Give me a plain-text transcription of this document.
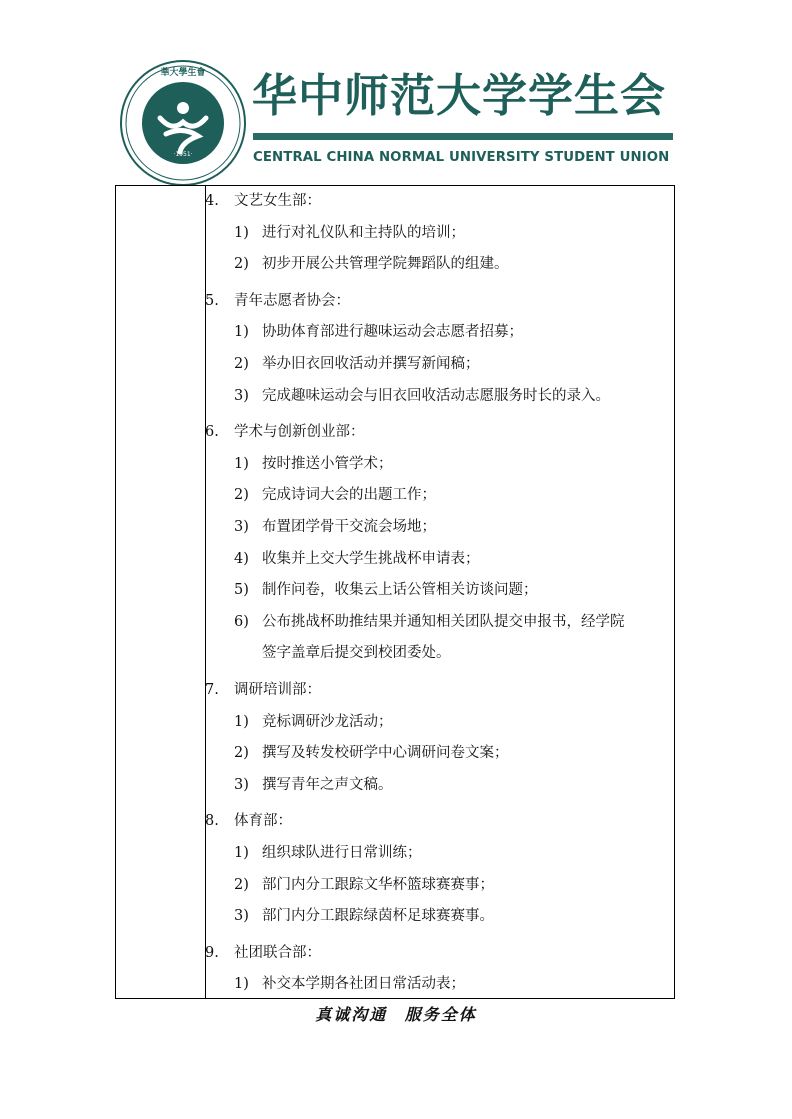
·1951·
華大學生會 华中师范大学学生会
CENTRAL CHINA NORMAL UNIVERSITY STUDENT UNION
4. 文艺女生部：
1) 进行对礼仪队和主持队的培训；
2) 初步开展公共管理学院舞蹈队的组建。
5. 青年志愿者协会：
1) 协助体育部进行趣味运动会志愿者招募；
2) 举办旧衣回收活动并撰写新闻稿；
3) 完成趣味运动会与旧衣回收活动志愿服务时长的录入。
6. 学术与创新创业部：
1) 按时推送小管学术；
2) 完成诗词大会的出题工作；
3) 布置团学骨干交流会场地；
4) 收集并上交大学生挑战杯申请表；
5) 制作问卷，收集云上话公管相关访谈问题；
6) 公布挑战杯助推结果并通知相关团队提交申报书，经学院
签字盖章后提交到校团委处。
7. 调研培训部：
1) 竞标调研沙龙活动；
2) 撰写及转发校研学中心调研问卷文案；
3) 撰写青年之声文稿。
8. 体育部：
1) 组织球队进行日常训练；
2) 部门内分工跟踪文华杯篮球赛赛事；
3) 部门内分工跟踪绿茵杯足球赛赛事。
9. 社团联合部：
1) 补交本学期各社团日常活动表；
真诚沟通 服务全体
